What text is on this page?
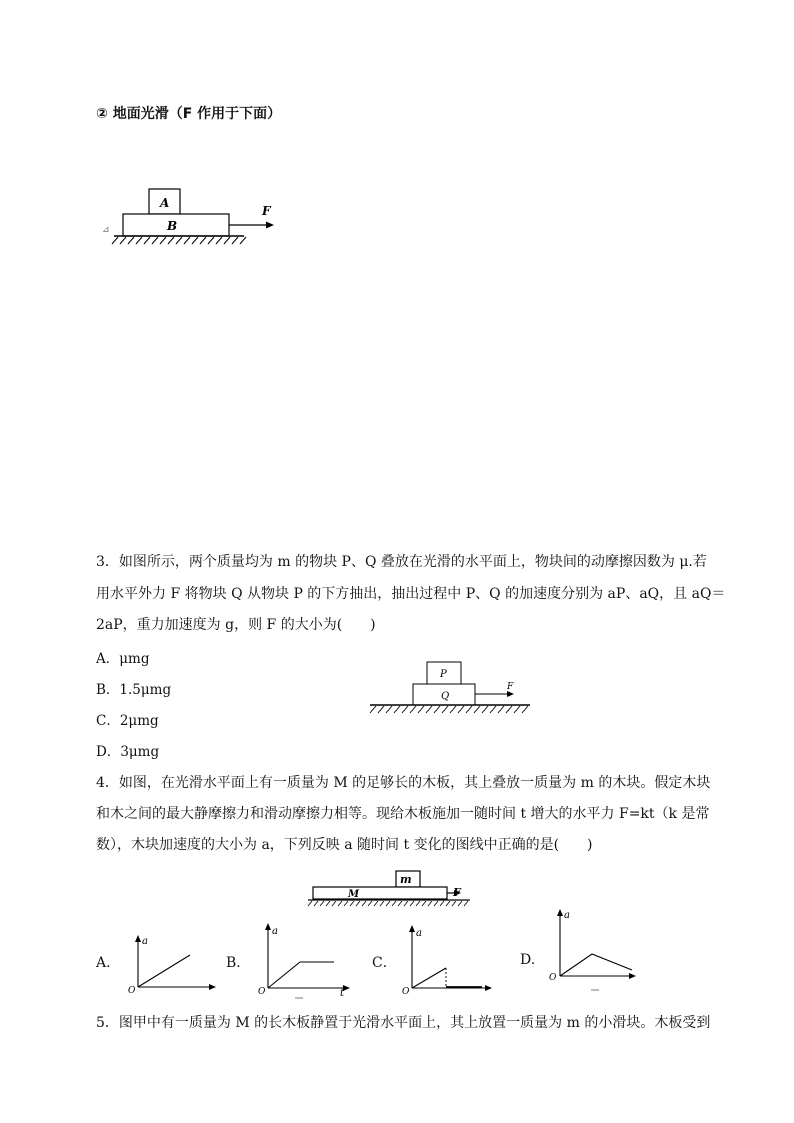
② 地面光滑（F 作用于下面）
⊿
A
B
F
3．如图所示，两个质量均为 m 的物块 P、Q 叠放在光滑的水平面上，物块间的动摩擦因数为 μ.若
用水平外力 F 将物块 Q 从物块 P 的下方抽出，抽出过程中 P、Q 的加速度分别为 aP、aQ，且 aQ＝
2aP，重力加速度为 g，则 F 的大小为(　　)
A．μmg
B．1.5μmg
C．2μmg
D．3μmg
P
Q
F
4．如图，在光滑水平面上有一质量为 M 的足够长的木板，其上叠放一质量为 m 的木块。假定木块
和木之间的最大静摩擦力和滑动摩擦力相等。现给木板施加一随时间 t 增大的水平力 F=kt（k 是常
数），木块加速度的大小为 a，下列反映 a 随时间 t 变化的图线中正确的是(　　)
m
M	F
A．	B．	C．	D.
a
O
a
t
O
a
O
a
O
5．图甲中有一质量为 M 的长木板静置于光滑水平面上，其上放置一质量为 m 的小滑块。木板受到
